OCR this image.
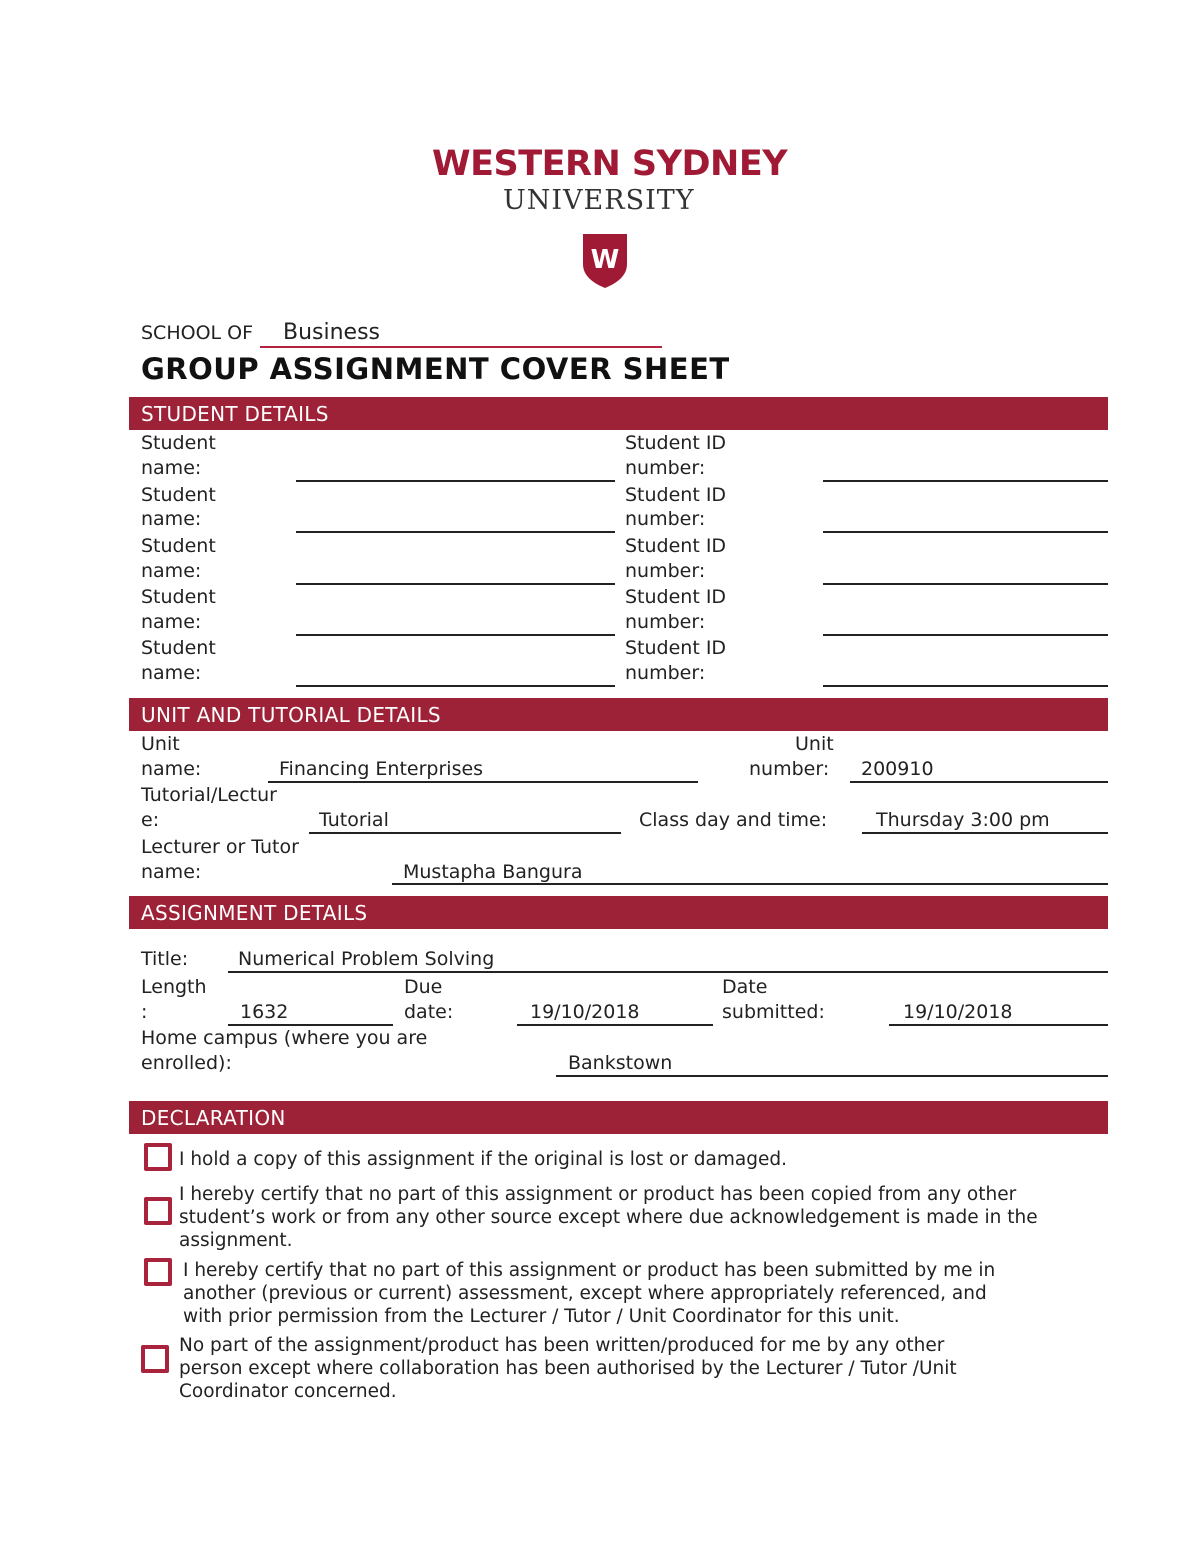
WESTERN SYDNEY
UNIVERSITY
W
SCHOOL OF Business
GROUP ASSIGNMENT COVER SHEET
STUDENT DETAILS
Student
name:
Student ID
number:
Student
name:
Student ID
number:
Student
name:
Student ID
number:
Student
name:
Student ID
number:
Student
name:
Student ID
number:
UNIT AND TUTORIAL DETAILS
Unit
name:	Financing Enterprises
Unit
number: 200910
Tutorial/Lectur
e:	Tutorial	Class day and time:	Thursday 3:00 pm
Lecturer or Tutor
name:	Mustapha Bangura
ASSIGNMENT DETAILS
Title:	Numerical Problem Solving
Length
:	1632
Due
date:	19/10/2018
Date
submitted:	19/10/2018
Home campus (where you are
enrolled):	Bankstown
DECLARATION
I hold a copy of this assignment if the original is lost or damaged.
I hereby certify that no part of this assignment or product has been copied from any other
student’s work or from any other source except where due acknowledgement is made in the
assignment.
I hereby certify that no part of this assignment or product has been submitted by me in
another (previous or current) assessment, except where appropriately referenced, and
with prior permission from the Lecturer / Tutor / Unit Coordinator for this unit.
No part of the assignment/product has been written/produced for me by any other
person except where collaboration has been authorised by the Lecturer / Tutor /Unit
Coordinator concerned.
